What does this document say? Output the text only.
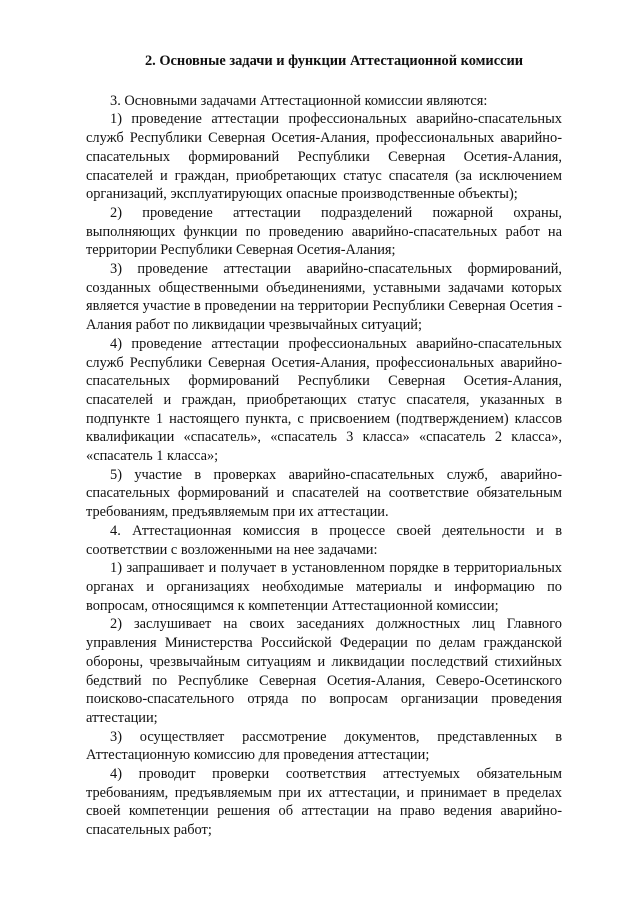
2. Основные задачи и функции Аттестационной комиссии

3. Основными задачами Аттестационной комиссии являются:

1) проведение аттестации профессиональных аварийно-спасательных служб Республики Северная Осетия-Алания, профессиональных аварийно-спасательных формирований Республики Северная Осетия-Алания, спасателей и граждан, приобретающих статус спасателя (за исключением организаций, эксплуатирующих опасные производственные объекты);

2) проведение аттестации подразделений пожарной охраны, выполняющих функции по проведению аварийно-спасательных работ на территории Республики Северная Осетия-Алания;

3) проведение аттестации аварийно-спасательных формирований, созданных общественными объединениями, уставными задачами которых является участие в проведении на территории Республики Северная Осетия - Алания работ по ликвидации чрезвычайных ситуаций;

4) проведение аттестации профессиональных аварийно-спасательных служб Республики Северная Осетия-Алания, профессиональных аварийно-спасательных формирований Республики Северная Осетия-Алания, спасателей и граждан, приобретающих статус спасателя, указанных в подпункте 1 настоящего пункта, с присвоением (подтверждением) классов квалификации «спасатель», «спасатель 3 класса» «спасатель 2 класса», «спасатель 1 класса»;

5) участие в проверках аварийно-спасательных служб, аварийно-спасательных формирований и спасателей на соответствие обязательным требованиям, предъявляемым при их аттестации.

4. Аттестационная комиссия в процессе своей деятельности и в соответствии с возложенными на нее задачами:

1) запрашивает и получает в установленном порядке в территориальных органах и организациях необходимые материалы и информацию по вопросам, относящимся к компетенции Аттестационной комиссии;

2) заслушивает на своих заседаниях должностных лиц Главного управления Министерства Российской Федерации по делам гражданской обороны, чрезвычайным ситуациям и ликвидации последствий стихийных бедствий по Республике Северная Осетия-Алания, Северо-Осетинского поисково-спасательного отряда по вопросам организации проведения аттестации;

3) осуществляет рассмотрение документов, представленных в Аттестационную комиссию для проведения аттестации;

4) проводит проверки соответствия аттестуемых обязательным требованиям, предъявляемым при их аттестации, и принимает в пределах своей компетенции решения об аттестации на право ведения аварийно-спасательных работ;
